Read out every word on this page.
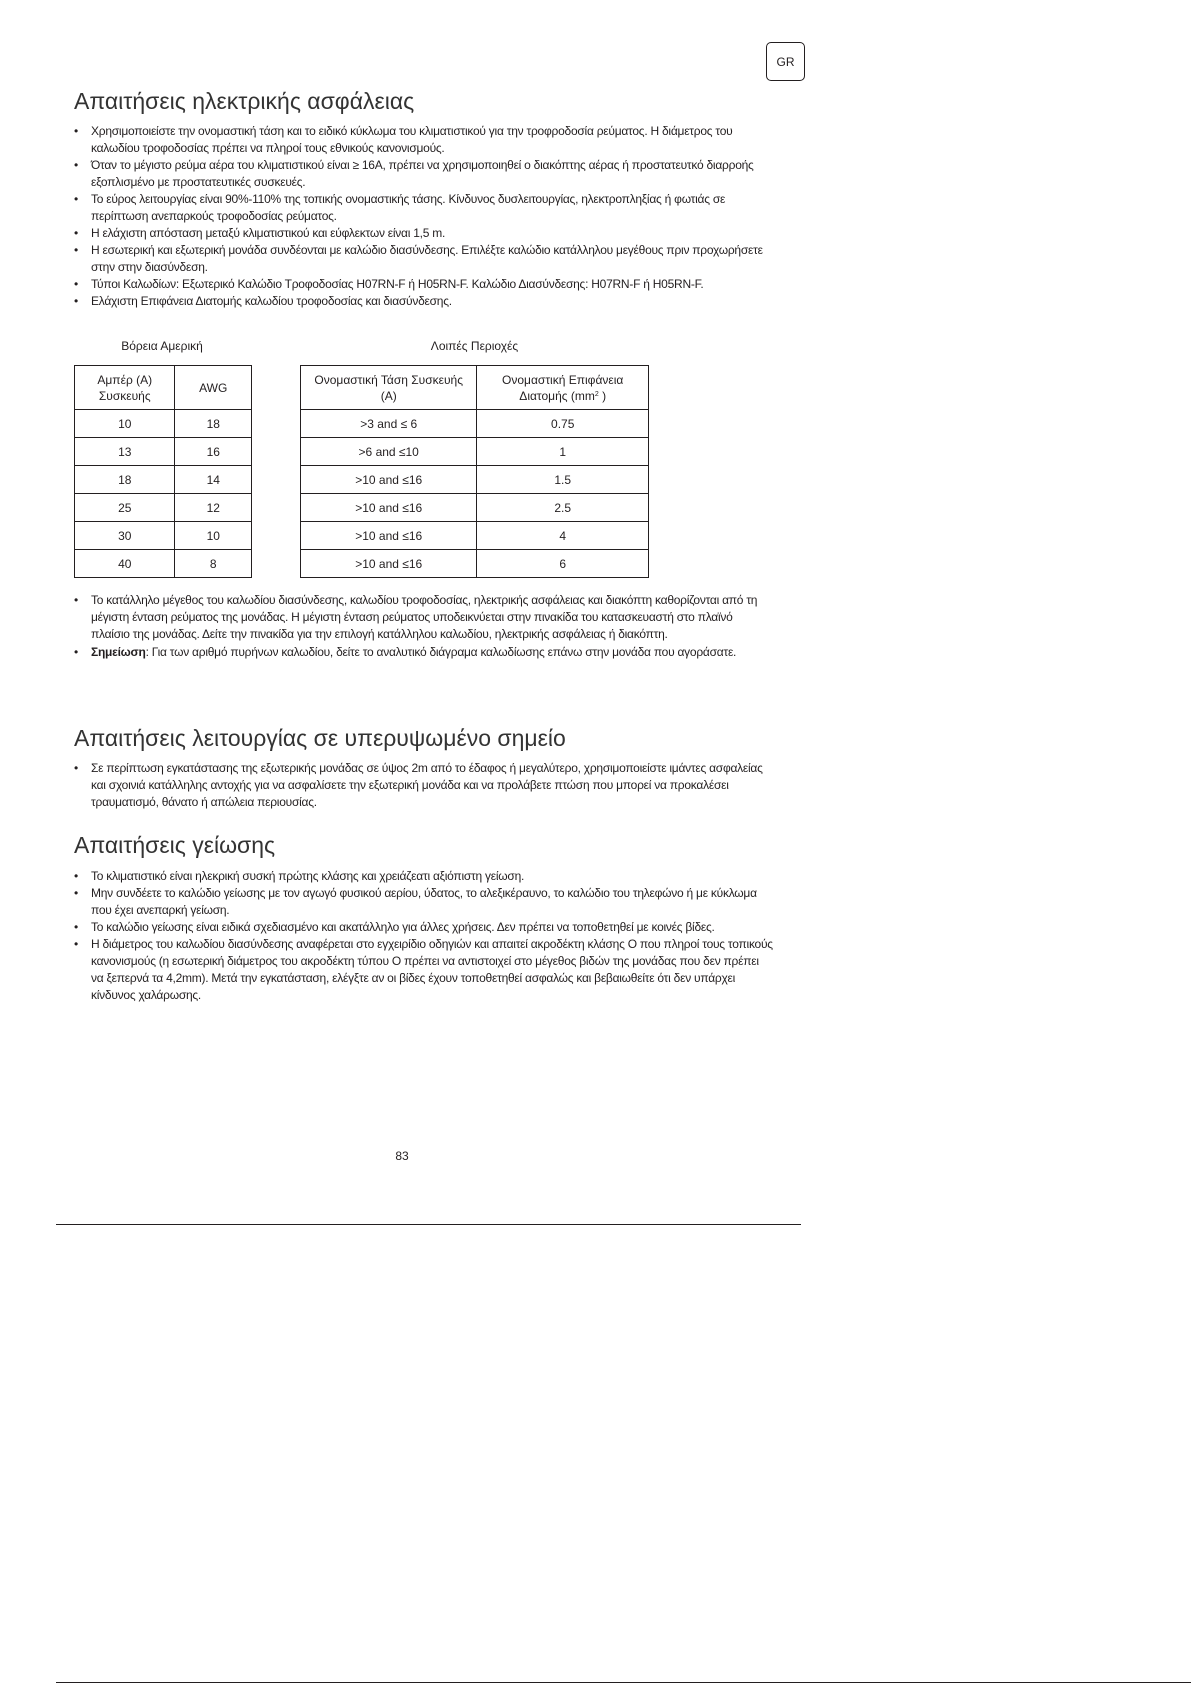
GR
Απαιτήσεις ηλεκτρικής ασφάλειας
• Χρησιμοποιείστε την ονομαστική τάση και το ειδικό κύκλωμα του κλιματιστικού για την τροφροδοσία ρεύματος. Η διάμετρος του καλωδίου τροφοδοσίας πρέπει να πληροί τους εθνικούς κανονισμούς.
• Όταν το μέγιστο ρεύμα αέρα του κλιματιστικού είναι ≥ 16A, πρέπει να χρησιμοποιηθεί ο διακόπτης αέρας ή προστατευτκό διαρροής εξοπλισμένο με προστατευτικές συσκευές.
• Το εύρος λειτουργίας είναι 90%-110% της τοπικής ονομαστικής τάσης. Κίνδυνος δυσλειτουργίας, ηλεκτροπληξίας ή φωτιάς σε περίπτωση ανεπαρκούς τροφοδοσίας ρεύματος.
• Η ελάχιστη απόσταση μεταξύ κλιματιστικού και εύφλεκτων είναι 1,5 m.
• Η εσωτερική και εξωτερική μονάδα συνδέονται με καλώδιο διασύνδεσης. Επιλέξτε καλώδιο κατάλληλου μεγέθους πριν προχωρήσετε στην στην διασύνδεση.
• Τύποι Καλωδίων: Εξωτερικό Καλώδιο Τροφοδοσίας H07RN-F ή H05RN-F. Καλώδιο Διασύνδεσης: H07RN-F ή H05RN-F.
• Ελάχιστη Επιφάνεια Διατομής καλωδίου τροφοδοσίας και διασύνδεσης.
Βόρεια Αμερική
Αμπέρ (A) Συσκευής	AWG
10	18
13	16
18	14
25	12
30	10
40	8
Λοιπές Περιοχές
Ονομαστική Τάση Συσκευής (A)	Ονομαστική Επιφάνεια Διατομής ($mm^2$ )
>3 and ≤ 6	0.75
>6 and ≤10	1
>10 and ≤16	1.5
>10 and ≤16	2.5
>10 and ≤16	4
>10 and ≤16	6
• Το κατάλληλο μέγεθος του καλωδίου διασύνδεσης, καλωδίου τροφοδοσίας, ηλεκτρικής ασφάλειας και διακόπτη καθορίζονται από τη μέγιστη ένταση ρεύματος της μονάδας. Η μέγιστη ένταση ρεύματος υποδεικνύεται στην πινακίδα του κατασκευαστή στο πλαϊνό πλαίσιο της μονάδας. Δείτε την πινακίδα για την επιλογή κατάλληλου καλωδίου, ηλεκτρικής ασφάλειας ή διακόπτη.
• Σημείωση: Για των αριθμό πυρήνων καλωδίου, δείτε το αναλυτικό διάγραμα καλωδίωσης επάνω στην μονάδα που αγοράσατε.
Απαιτήσεις λειτουργίας σε υπερυψωμένο σημείο
• Σε περίπτωση εγκατάστασης της εξωτερικής μονάδας σε ύψος 2m από το έδαφος ή μεγαλύτερο, χρησιμοποιείστε ιμάντες ασφαλείας και σχοινιά κατάλληλης αντοχής για να ασφαλίσετε την εξωτερική μονάδα και να προλάβετε πτώση που μπορεί να προκαλέσει τραυματισμό, θάνατο ή απώλεια περιουσίας.
Απαιτήσεις γείωσης
• Το κλιματιστικό είναι ηλεκρική συσκή πρώτης κλάσης και χρειάζεατι αξιόπιστη γείωση.
• Μην συνδέετε το καλώδιο γείωσης με τον αγωγό φυσικού αερίου, ύδατος, το αλεξικέραυνο, το καλώδιο του τηλεφώνο ή με κύκλωμα που έχει ανεπαρκή γείωση.
• Το καλώδιο γείωσης είναι ειδικά σχεδιασμένο και ακατάλληλο για άλλες χρήσεις. Δεν πρέπει να τοποθετηθεί με κοινές βίδες.
• Η διάμετρος του καλωδίου διασύνδεσης αναφέρεται στο εγχειρίδιο οδηγιών και απαιτεί ακροδέκτη κλάσης O που πληροί τους τοπικούς κανονισμούς (η εσωτερική διάμετρος του ακροδέκτη τύπου O πρέπει να αντιστοιχεί στο μέγεθος βιδών της μονάδας που δεν πρέπει να ξεπερνά τα 4,2mm). Μετά την εγκατάσταση, ελέγξτε αν οι βίδες έχουν τοποθετηθεί ασφαλώς και βεβαιωθείτε ότι δεν υπάρχει κίνδυνος χαλάρωσης.
83
